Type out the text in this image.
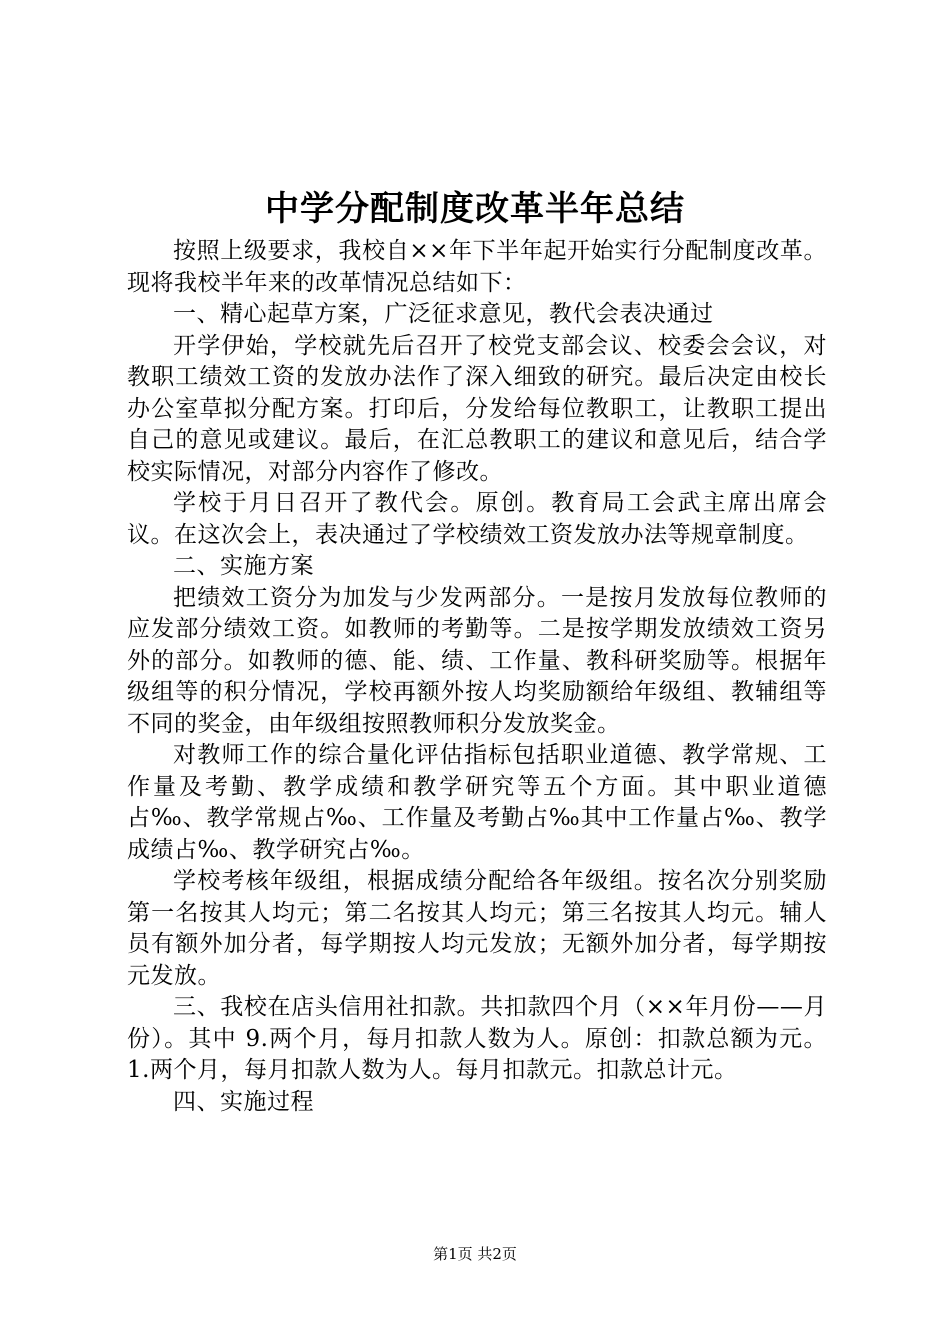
中学分配制度改革半年总结

按照上级要求，我校自××年下半年起开始实行分配制度改革。现将我校半年来的改革情况总结如下：

一、精心起草方案，广泛征求意见，教代会表决通过

开学伊始，学校就先后召开了校党支部会议、校委会会议，对教职工绩效工资的发放办法作了深入细致的研究。最后决定由校长办公室草拟分配方案。打印后，分发给每位教职工，让教职工提出自己的意见或建议。最后，在汇总教职工的建议和意见后，结合学校实际情况，对部分内容作了修改。

学校于月日召开了教代会。原创。教育局工会武主席出席会议。在这次会上，表决通过了学校绩效工资发放办法等规章制度。

二、实施方案

把绩效工资分为加发与少发两部分。一是按月发放每位教师的应发部分绩效工资。如教师的考勤等。二是按学期发放绩效工资另外的部分。如教师的德、能、绩、工作量、教科研奖励等。根据年级组等的积分情况，学校再额外按人均奖励额给年级组、教辅组等不同的奖金，由年级组按照教师积分发放奖金。

对教师工作的综合量化评估指标包括职业道德、教学常规、工作量及考勤、教学成绩和教学研究等五个方面。其中职业道德占‰、教学常规占‰、工作量及考勤占‰其中工作量占‰、教学成绩占‰、教学研究占‰。

学校考核年级组，根据成绩分配给各年级组。按名次分别奖励第一名按其人均元；第二名按其人均元；第三名按其人均元。辅人员有额外加分者，每学期按人均元发放；无额外加分者，每学期按元发放。

三、我校在店头信用社扣款。共扣款四个月（××年月份——月份）。其中 9.两个月，每月扣款人数为人。原创：扣款总额为元。 1.两个月，每月扣款人数为人。每月扣款元。扣款总计元。

四、实施过程

第1页 共2页
